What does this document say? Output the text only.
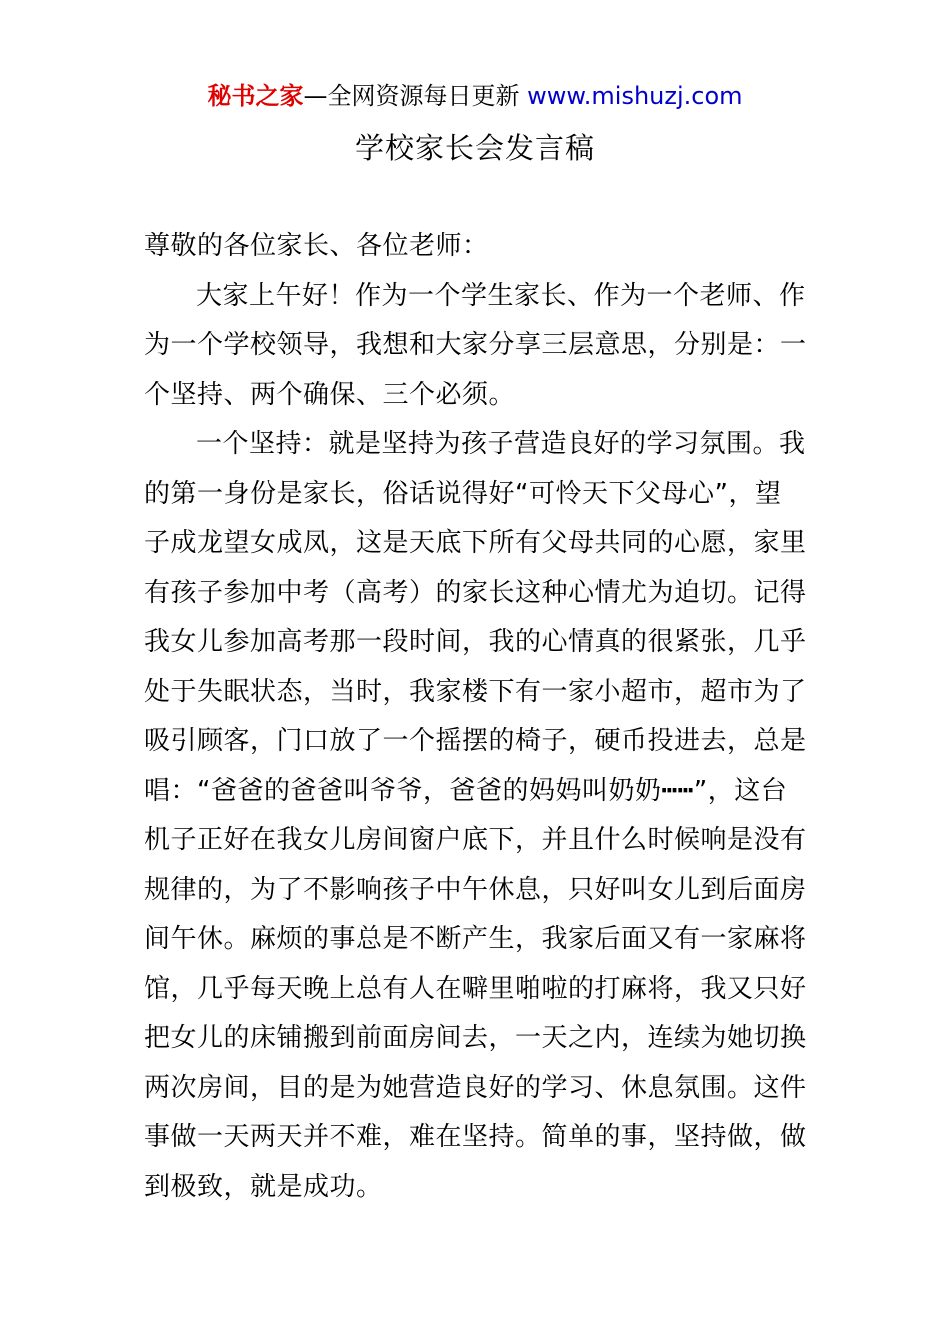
秘书之家—全网资源每日更新 www.mishuzj.com
学校家长会发言稿
尊敬的各位家长、各位老师：
大家上午好！作为一个学生家长、作为一个老师、作
为一个学校领导，我想和大家分享三层意思，分别是：一
个坚持、两个确保、三个必须。
一个坚持：就是坚持为孩子营造良好的学习氛围。我
的第一身份是家长，俗话说得好“可怜天下父母心”，望
子成龙望女成凤，这是天底下所有父母共同的心愿，家里
有孩子参加中考（高考）的家长这种心情尤为迫切。记得
我女儿参加高考那一段时间，我的心情真的很紧张，几乎
处于失眠状态，当时，我家楼下有一家小超市，超市为了
吸引顾客，门口放了一个摇摆的椅子，硬币投进去，总是
唱：“爸爸的爸爸叫爷爷，爸爸的妈妈叫奶奶┅┅”，这台
机子正好在我女儿房间窗户底下，并且什么时候响是没有
规律的，为了不影响孩子中午休息，只好叫女儿到后面房
间午休。麻烦的事总是不断产生，我家后面又有一家麻将
馆，几乎每天晚上总有人在噼里啪啦的打麻将，我又只好
把女儿的床铺搬到前面房间去，一天之内，连续为她切换
两次房间，目的是为她营造良好的学习、休息氛围。这件
事做一天两天并不难，难在坚持。简单的事，坚持做，做
到极致，就是成功。
